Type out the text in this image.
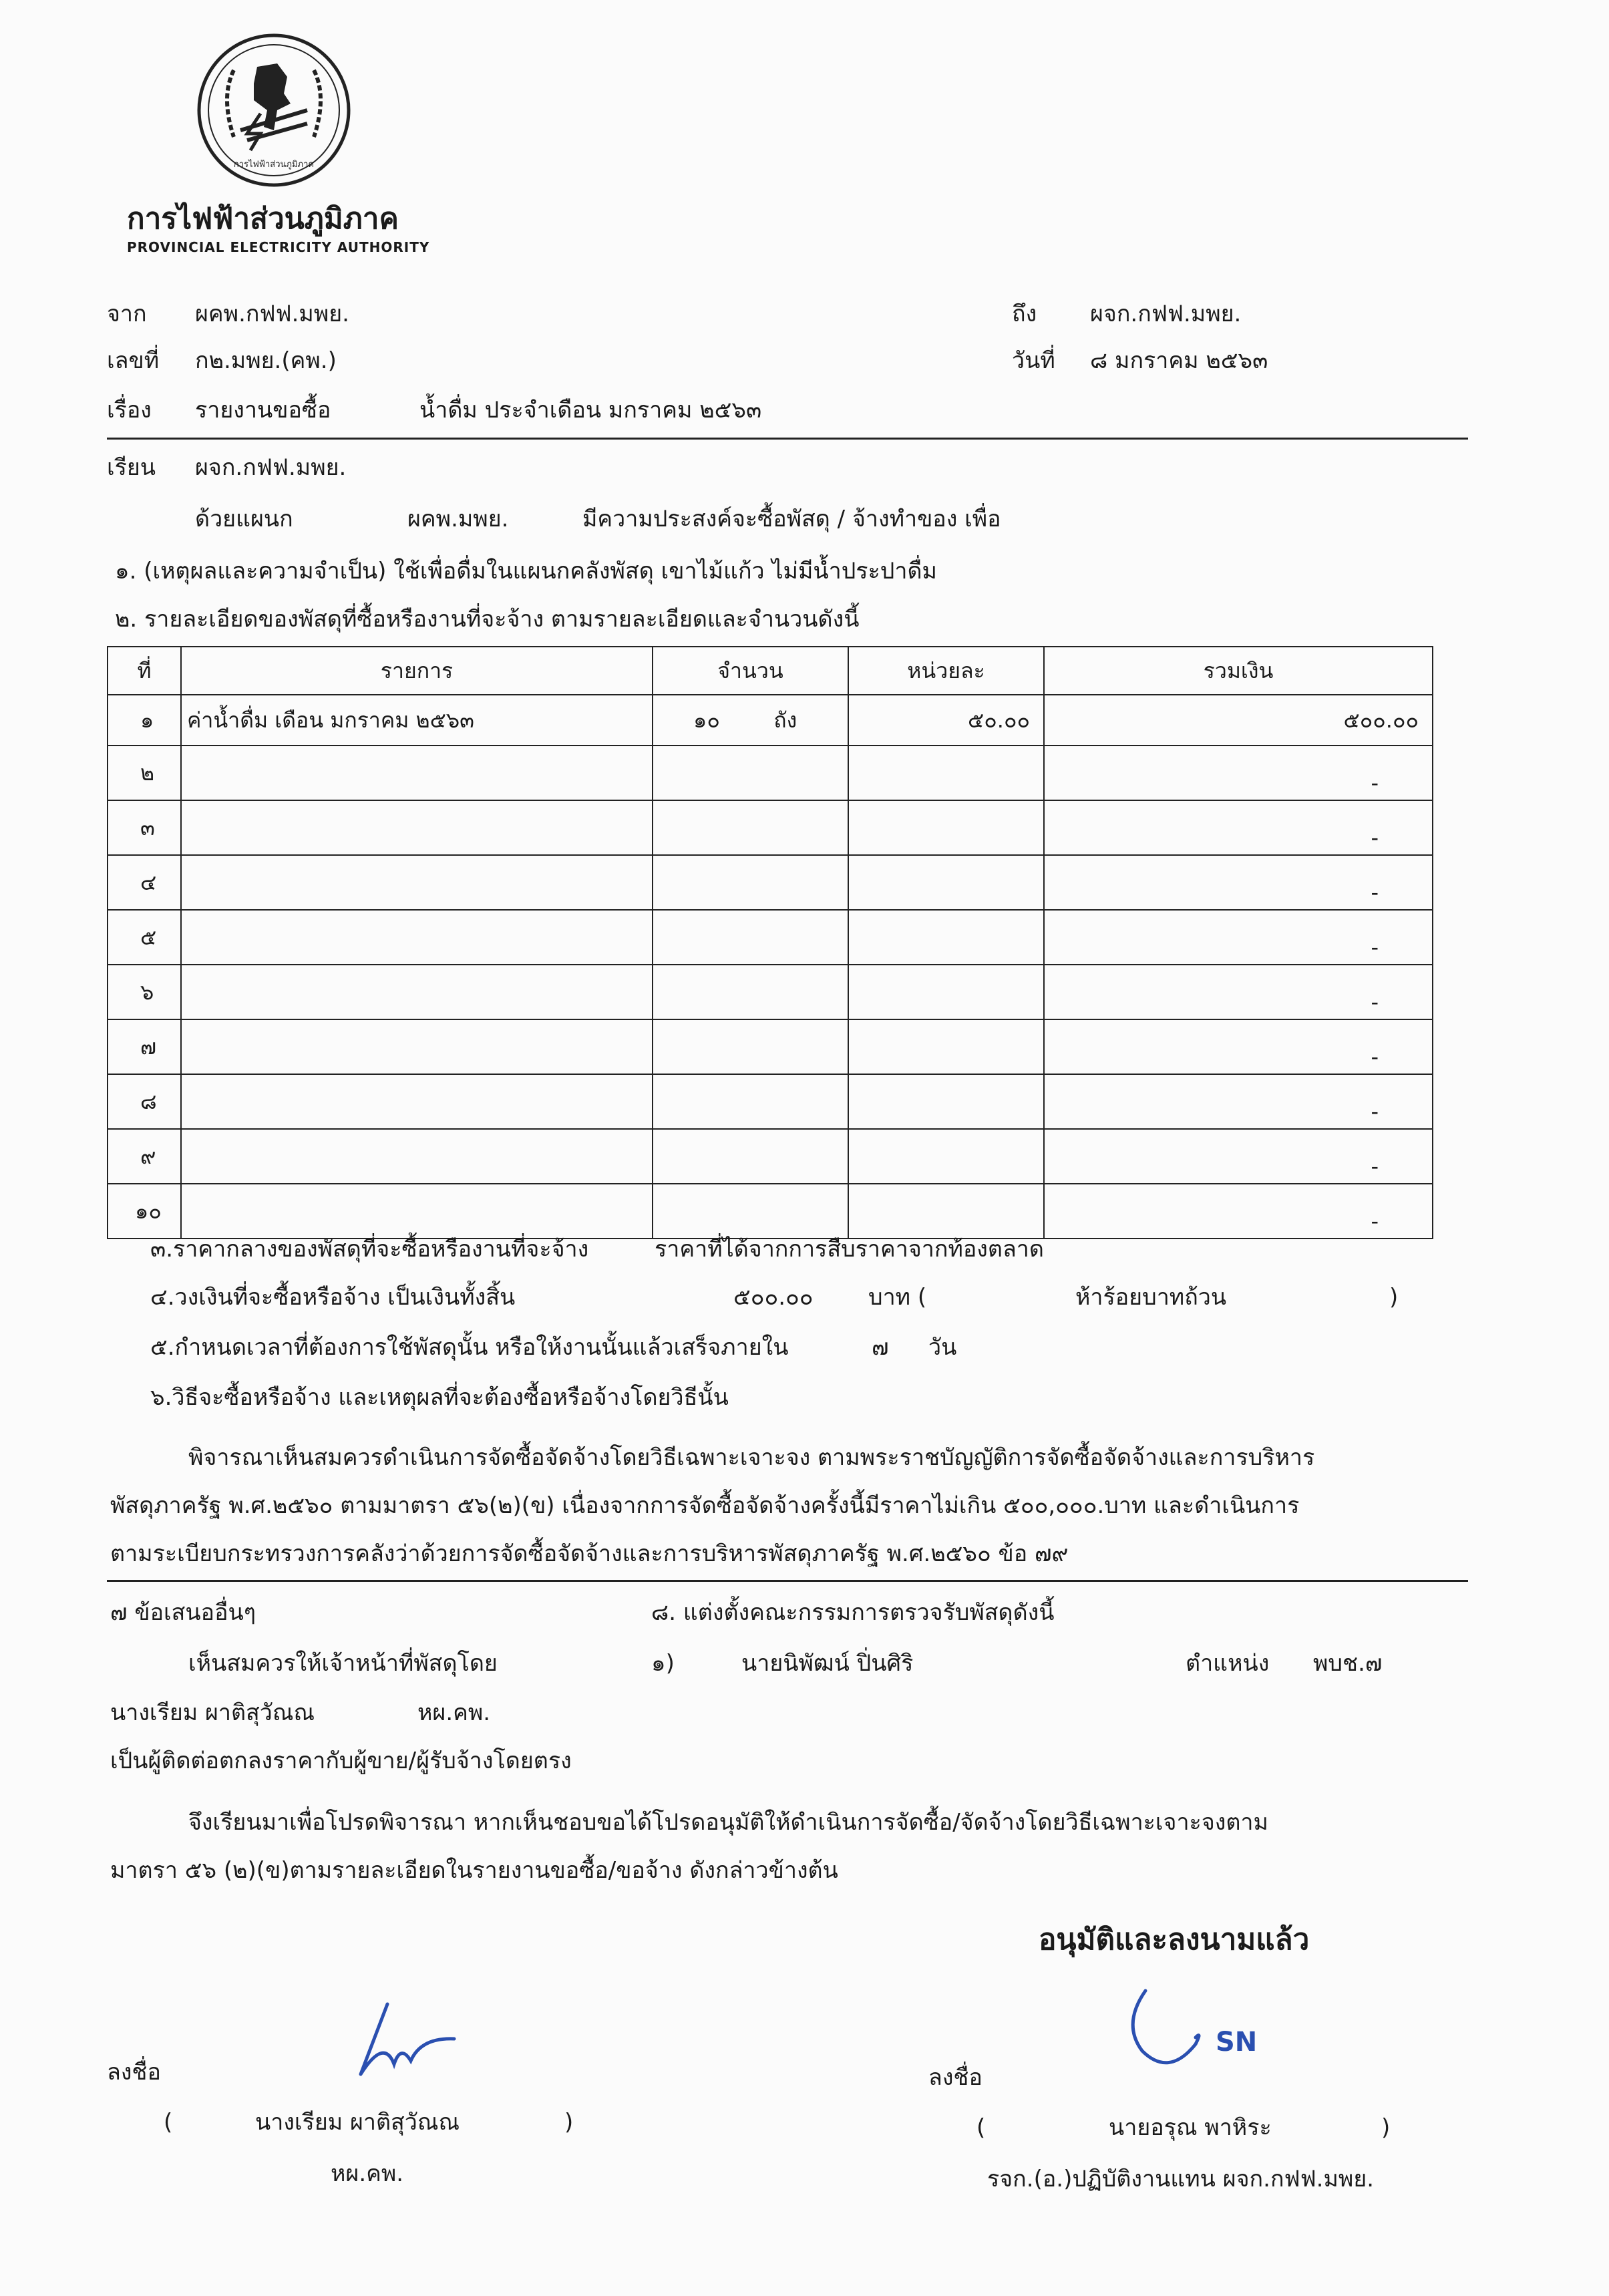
การไฟฟ้าส่วนภูมิภาค
การไฟฟ้าส่วนภูมิภาค
PROVINCIAL ELECTRICITY AUTHORITY
จาก ผคพ.กฟฟ.มพย.	ถึง ผจก.กฟฟ.มพย.
เลขที่ ก๒.มพย.(คพ.)	วันที่ ๘ มกราคม ๒๕๖๓
เรื่อง รายงานขอซื้อ	น้ำดื่ม ประจำเดือน มกราคม ๒๕๖๓
เรียน ผจก.กฟฟ.มพย.
ด้วยแผนก	ผคพ.มพย.	มีความประสงค์จะซื้อพัสดุ / จ้างทำของ เพื่อ
๑. (เหตุผลและความจำเป็น) ใช้เพื่อดื่มในแผนกคลังพัสดุ เขาไม้แก้ว ไม่มีน้ำประปาดื่ม
๒. รายละเอียดของพัสดุที่ซื้อหรืองานที่จะจ้าง ตามรายละเอียดและจำนวนดังนี้
ที่	รายการ	จำนวน	หน่วยละ	รวมเงิน	
๑	ค่าน้ำดื่ม เดือน มกราคม ๒๕๖๓	๑๐ ถัง	๕๐.๐๐	๕๐๐.๐๐	
๒				-	
๓				-	
๔				-	
๕				-	
๖				-	
๗				-	
๘				-	
๙				-	
๑๐				-	
๓.ราคากลางของพัสดุที่จะซื้อหรืองานที่จะจ้าง	ราคาที่ได้จากการสืบราคาจากท้องตลาด
๔.วงเงินที่จะซื้อหรือจ้าง เป็นเงินทั้งสิ้น	๕๐๐.๐๐ บาท (	ห้าร้อยบาทถ้วน	)
๕.กำหนดเวลาที่ต้องการใช้พัสดุนั้น หรือให้งานนั้นแล้วเสร็จภายใน	๗ วัน
๖.วิธีจะซื้อหรือจ้าง และเหตุผลที่จะต้องซื้อหรือจ้างโดยวิธีนั้น
พิจารณาเห็นสมควรดำเนินการจัดซื้อจัดจ้างโดยวิธีเฉพาะเจาะจง ตามพระราชบัญญัติการจัดซื้อจัดจ้างและการบริหาร
พัสดุภาครัฐ พ.ศ.๒๕๖๐ ตามมาตรา ๕๖(๒)(ข) เนื่องจากการจัดซื้อจัดจ้างครั้งนี้มีราคาไม่เกิน ๕๐๐,๐๐๐.บาท และดำเนินการ
ตามระเบียบกระทรวงการคลังว่าด้วยการจัดซื้อจัดจ้างและการบริหารพัสดุภาครัฐ พ.ศ.๒๕๖๐ ข้อ ๗๙
๗ ข้อเสนออื่นๆ	๘. แต่งตั้งคณะกรรมการตรวจรับพัสดุดังนี้
เห็นสมควรให้เจ้าหน้าที่พัสดุโดย	๑)	นายนิพัฒน์ ปิ่นศิริ	ตำแหน่ง พบช.๗
นางเรียม ผาติสุวัณณ	หผ.คพ.
เป็นผู้ติดต่อตกลงราคากับผู้ขาย/ผู้รับจ้างโดยตรง
จึงเรียนมาเพื่อโปรดพิจารณา หากเห็นชอบขอได้โปรดอนุมัติให้ดำเนินการจัดซื้อ/จัดจ้างโดยวิธีเฉพาะเจาะจงตาม
มาตรา ๕๖ (๒)(ข)ตามรายละเอียดในรายงานขอซื้อ/ขอจ้าง ดังกล่าวข้างต้น
อนุมัติและลงนามแล้ว
ลงชื่อ
(	นางเรียม ผาติสุวัณณ	)
หผ.คพ.
ลงชื่อ
SN
(	นายอรุณ พาหิระ	)
รจก.(อ.)ปฏิบัติงานแทน ผจก.กฟฟ.มพย.
